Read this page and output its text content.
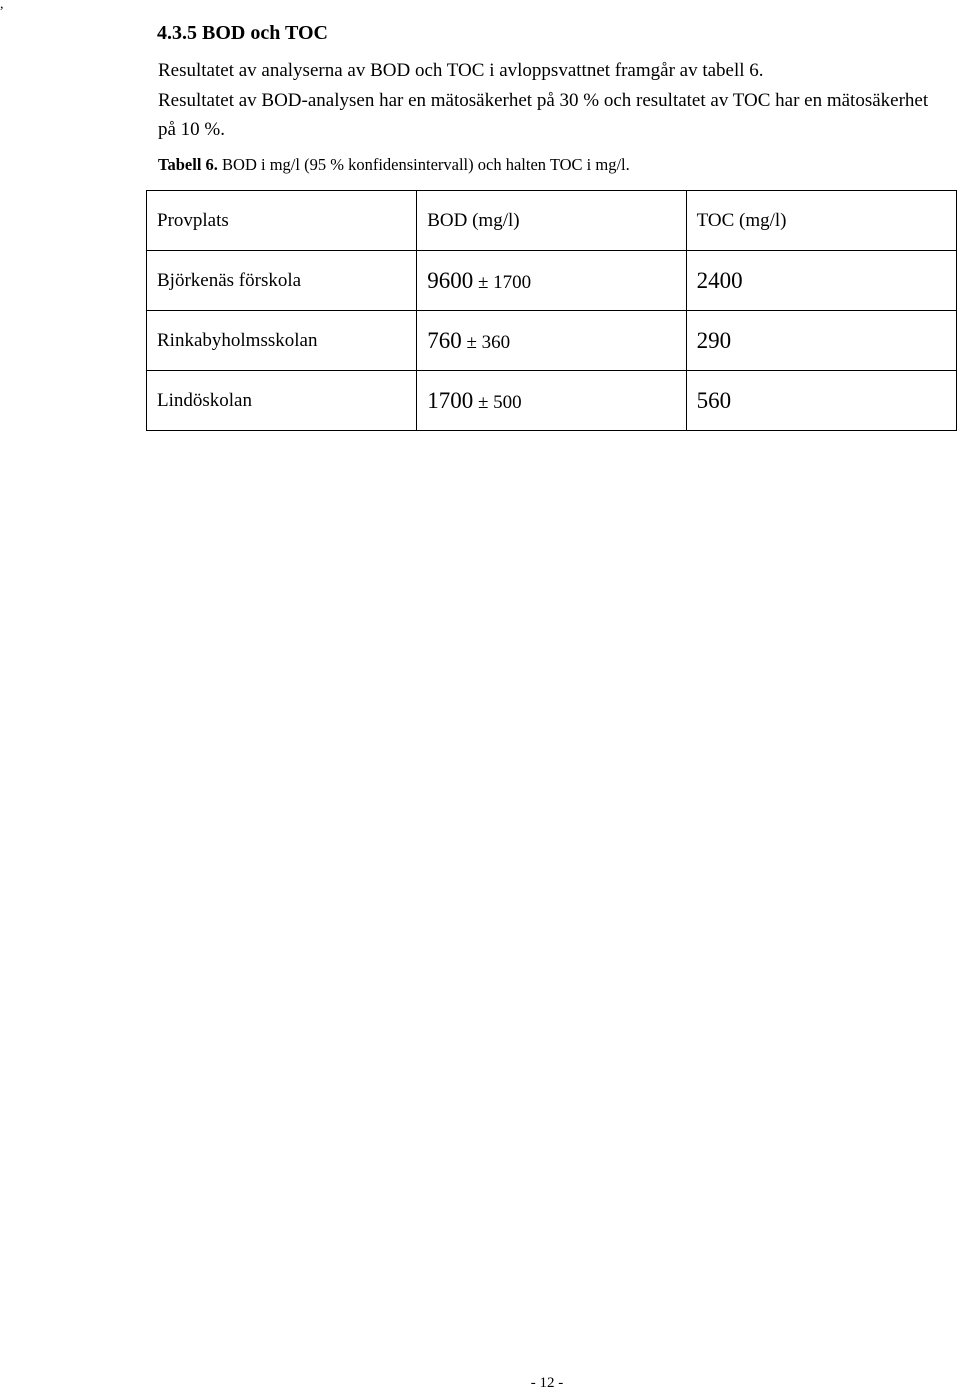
,
4.3.5 BOD och TOC

Resultatet av analyserna av BOD och TOC i avloppsvattnet framgår av tabell 6.

Resultatet av BOD-analysen har en mätosäkerhet på 30 % och resultatet av TOC har en mätosäkerhet på 10 %.

Tabell 6. BOD i mg/l (95 % konfidensintervall) och halten TOC i mg/l.
Provplats	BOD (mg/l)	TOC (mg/l)
Björkenäs förskola	9600 ± 1700	2400
Rinkabyholmsskolan	760 ± 360	290
Lindöskolan	1700 ± 500	560
- 12 -
